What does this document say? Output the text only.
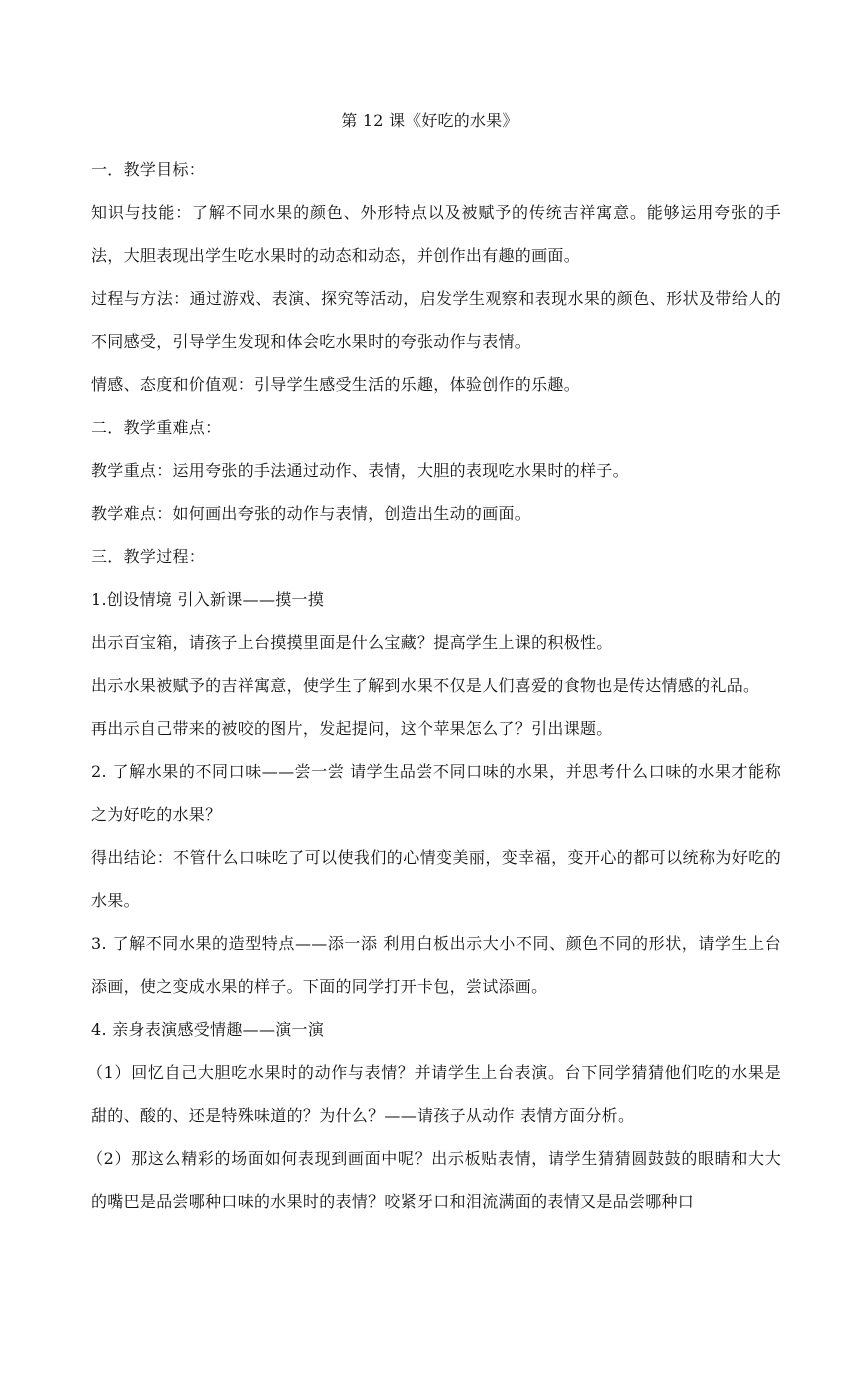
第 12 课《好吃的水果》

一．教学目标：

知识与技能：了解不同水果的颜色、外形特点以及被赋予的传统吉祥寓意。能够运用夸张的手法，大胆表现出学生吃水果时的动态和动态，并创作出有趣的画面。

过程与方法：通过游戏、表演、探究等活动，启发学生观察和表现水果的颜色、形状及带给人的不同感受，引导学生发现和体会吃水果时的夸张动作与表情。

情感、态度和价值观：引导学生感受生活的乐趣，体验创作的乐趣。

二．教学重难点：

教学重点：运用夸张的手法通过动作、表情，大胆的表现吃水果时的样子。

教学难点：如何画出夸张的动作与表情，创造出生动的画面。

三．教学过程：

1.创设情境 引入新课——摸一摸

出示百宝箱，请孩子上台摸摸里面是什么宝藏？提高学生上课的积极性。

出示水果被赋予的吉祥寓意，使学生了解到水果不仅是人们喜爱的食物也是传达情感的礼品。

再出示自己带来的被咬的图片，发起提问，这个苹果怎么了？引出课题。

2. 了解水果的不同口味——尝一尝 请学生品尝不同口味的水果，并思考什么口味的水果才能称之为好吃的水果？

得出结论：不管什么口味吃了可以使我们的心情变美丽，变幸福，变开心的都可以统称为好吃的水果。

3. 了解不同水果的造型特点——添一添 利用白板出示大小不同、颜色不同的形状，请学生上台添画，使之变成水果的样子。下面的同学打开卡包，尝试添画。

4. 亲身表演感受情趣——演一演

（1）回忆自己大胆吃水果时的动作与表情？并请学生上台表演。台下同学猜猜他们吃的水果是甜的、酸的、还是特殊味道的？为什么？——请孩子从动作 表情方面分析。

（2）那这么精彩的场面如何表现到画面中呢？出示板贴表情，请学生猜猜圆鼓鼓的眼睛和大大的嘴巴是品尝哪种口味的水果时的表情？咬紧牙口和泪流满面的表情又是品尝哪种口
